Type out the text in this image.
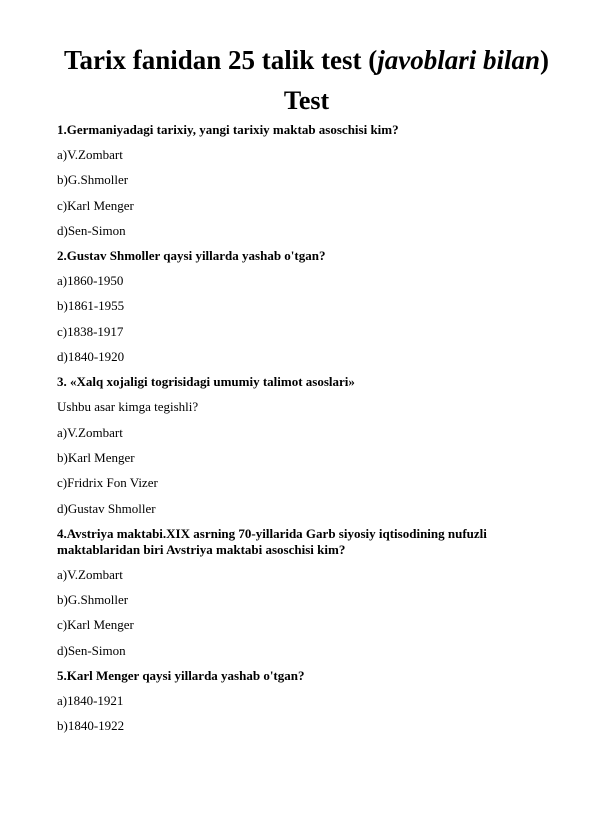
Tarix fanidan 25 talik test (javoblari bilan)
Test
1.Germaniyadagi tarixiy, yangi tarixiy maktab asoschisi kim?
a)V.Zombart
b)G.Shmoller
c)Karl Menger
d)Sen-Simon
2.Gustav Shmoller qaysi yillarda yashab o'tgan?
a)1860-1950
b)1861-1955
c)1838-1917
d)1840-1920
3. «Xalq xojaligi togrisidagi umumiy talimot asoslari»
Ushbu asar kimga tegishli?
a)V.Zombart
b)Karl Menger
c)Fridrix Fon Vizer
d)Gustav Shmoller
4.Avstriya maktabi.XIX asrning 70-yillarida Garb siyosiy iqtisodining nufuzli maktablaridan biri Avstriya maktabi asoschisi kim?
a)V.Zombart
b)G.Shmoller
c)Karl Menger
d)Sen-Simon
5.Karl Menger qaysi yillarda yashab o'tgan?
a)1840-1921
b)1840-1922
